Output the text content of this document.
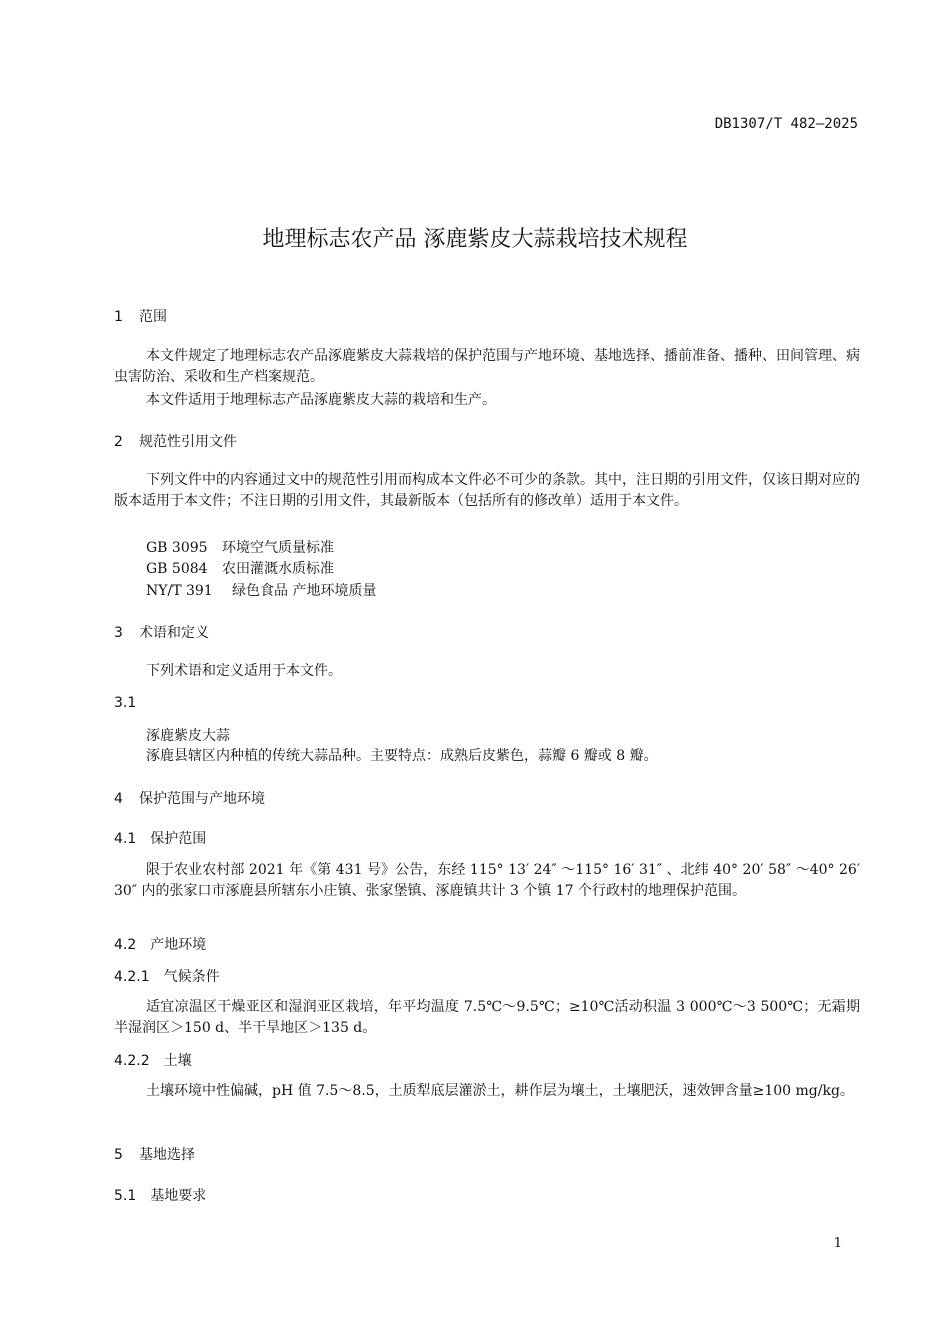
DB1307/T 482—2025
地理标志农产品 涿鹿紫皮大蒜栽培技术规程
1 范围
本文件规定了地理标志农产品涿鹿紫皮大蒜栽培的保护范围与产地环境、基地选择、播前准备、播种、田间管理、病虫害防治、采收和生产档案规范。
本文件适用于地理标志产品涿鹿紫皮大蒜的栽培和生产。
2 规范性引用文件
下列文件中的内容通过文中的规范性引用而构成本文件必不可少的条款。其中，注日期的引用文件，仅该日期对应的版本适用于本文件；不注日期的引用文件，其最新版本（包括所有的修改单）适用于本文件。
GB 3095 环境空气质量标准
GB 5084 农田灌溉水质标准
NY/T 391 绿色食品 产地环境质量
3 术语和定义
下列术语和定义适用于本文件。
3.1
涿鹿紫皮大蒜
涿鹿县辖区内种植的传统大蒜品种。主要特点：成熟后皮紫色，蒜瓣 6 瓣或 8 瓣。
4 保护范围与产地环境
4.1 保护范围
限于农业农村部 2021 年《第 431 号》公告，东经 115° 13′ 24″ ～115° 16′ 31″ 、北纬 40° 20′ 58″ ～40° 26′ 30″ 内的张家口市涿鹿县所辖东小庄镇、张家堡镇、涿鹿镇共计 3 个镇 17 个行政村的地理保护范围。
4.2 产地环境
4.2.1 气候条件
适宜凉温区干燥亚区和湿润亚区栽培，年平均温度 7.5℃～9.5℃；≥10℃活动积温 3 000℃～3 500℃；无霜期半湿润区＞150 d、半干旱地区＞135 d。
4.2.2 土壤
土壤环境中性偏碱，pH 值 7.5～8.5，土质犁底层灌淤土，耕作层为壤土，土壤肥沃，速效钾含量≥100 mg/kg。
5 基地选择
5.1 基地要求
1
